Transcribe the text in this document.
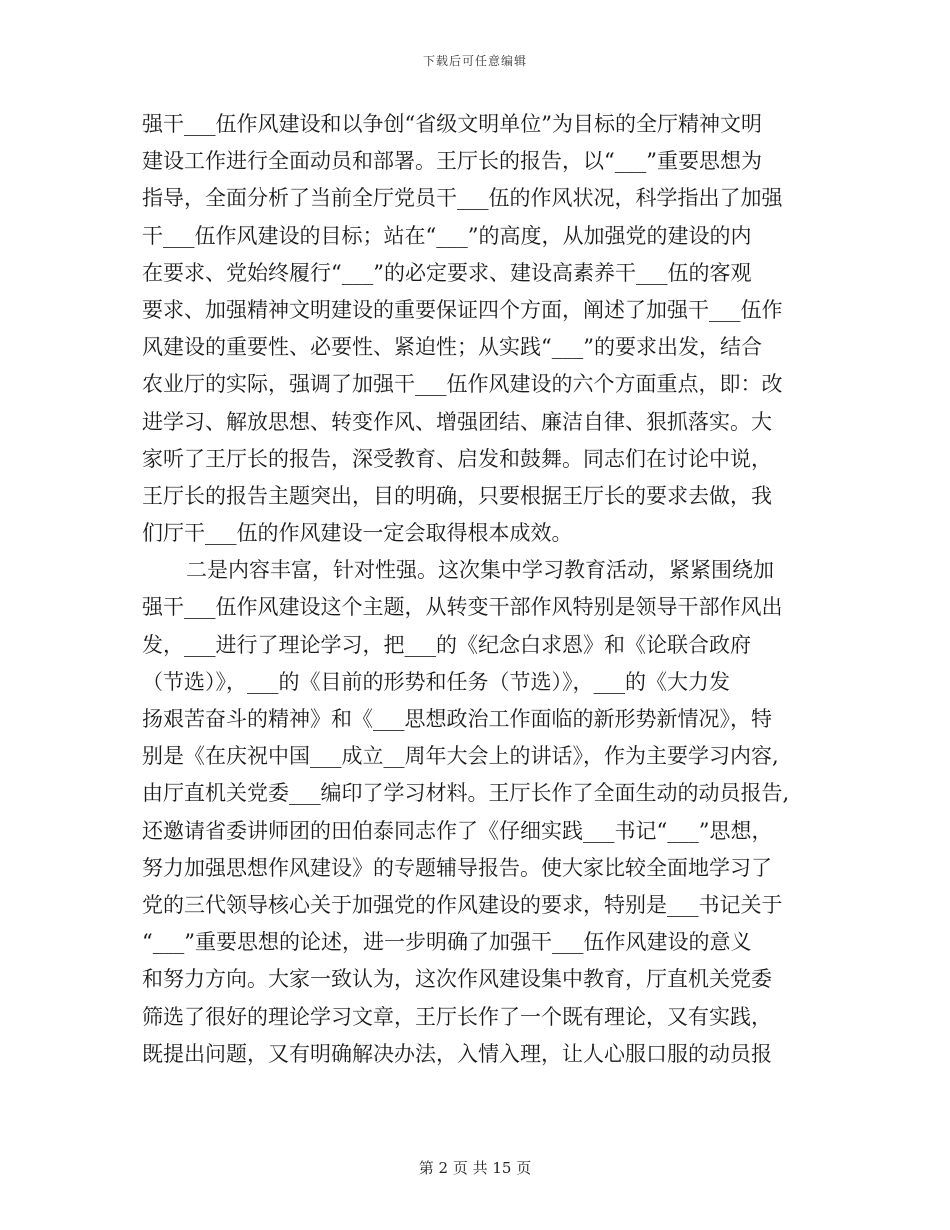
下载后可任意编辑
强干___伍作风建设和以争创“省级文明单位”为目标的全厅精神文明
建设工作进行全面动员和部署。王厅长的报告，以“___”重要思想为
指导，全面分析了当前全厅党员干___伍的作风状况，科学指出了加强
干___伍作风建设的目标；站在“___”的高度，从加强党的建设的内
在要求、党始终履行“___”的必定要求、建设高素养干___伍的客观
要求、加强精神文明建设的重要保证四个方面，阐述了加强干___伍作
风建设的重要性、必要性、紧迫性；从实践“___”的要求出发，结合
农业厅的实际，强调了加强干___伍作风建设的六个方面重点，即：改
进学习、解放思想、转变作风、增强团结、廉洁自律、狠抓落实。大
家听了王厅长的报告，深受教育、启发和鼓舞。同志们在讨论中说，
王厅长的报告主题突出，目的明确，只要根据王厅长的要求去做，我
们厅干___伍的作风建设一定会取得根本成效。
二是内容丰富，针对性强。这次集中学习教育活动，紧紧围绕加
强干___伍作风建设这个主题，从转变干部作风特别是领导干部作风出
发，___进行了理论学习，把___的《纪念白求恩》和《论联合政府
（节选）》，___的《目前的形势和任务（节选）》，___的《大力发
扬艰苦奋斗的精神》和《___思想政治工作面临的新形势新情况》，特
别是《在庆祝中国___成立__周年大会上的讲话》，作为主要学习内容,
由厅直机关党委___编印了学习材料。王厅长作了全面生动的动员报告,
还邀请省委讲师团的田伯泰同志作了《仔细实践___书记“___”思想，
努力加强思想作风建设》的专题辅导报告。使大家比较全面地学习了
党的三代领导核心关于加强党的作风建设的要求，特别是___书记关于
“___”重要思想的论述，进一步明确了加强干___伍作风建设的意义
和努力方向。大家一致认为，这次作风建设集中教育，厅直机关党委
筛选了很好的理论学习文章，王厅长作了一个既有理论，又有实践，
既提出问题，又有明确解决办法，入情入理，让人心服口服的动员报
第 2 页 共 15 页
